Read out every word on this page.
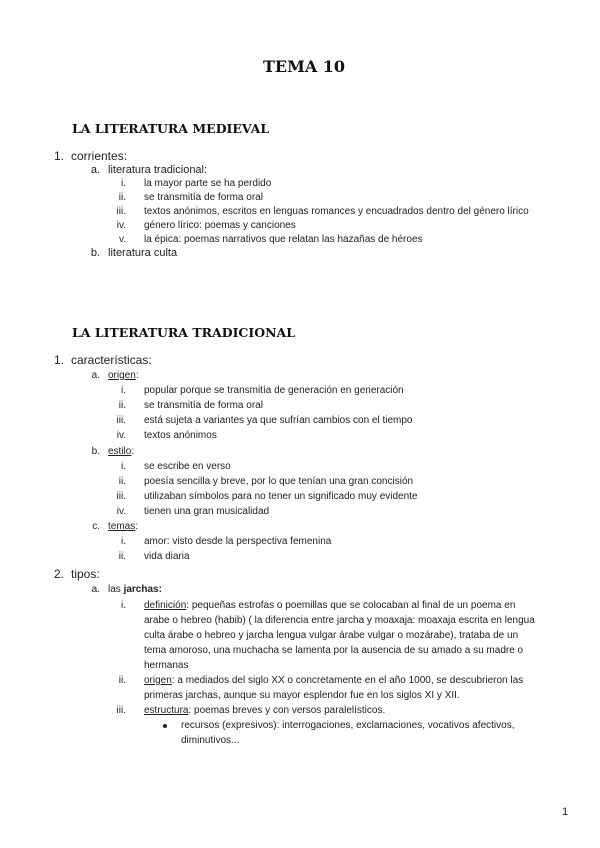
TEMA 10
LA LITERATURA MEDIEVAL
1. corrientes:
a. literatura tradicional:
i. la mayor parte se ha perdido
ii. se transmitía de forma oral
iii. textos anónimos, escritos en lenguas romances y encuadrados dentro del género lírico
iv. género lírico: poemas y canciones
v. la épica: poemas narrativos que relatan las hazañas de héroes
b. literatura culta
LA LITERATURA TRADICIONAL
1. características:
a. origen:
i. popular porque se transmitía de generación en generación
ii. se transmitía de forma oral
iii. está sujeta a variantes ya que sufrían cambios con el tiempo
iv. textos anónimos
b. estilo:
i. se escribe en verso
ii. poesía sencilla y breve, por lo que tenían una gran concisión
iii. utilizaban símbolos para no tener un significado muy evidente
iv. tienen una gran musicalidad
c. temas:
i. amor: visto desde la perspectiva femenina
ii. vida diaria
2. tipos:
a. las jarchas:
i. definición: pequeñas estrofas o poemillas que se colocaban al final de un poema en
arabe o hebreo (habib) ( la diferencia entre jarcha y moaxaja: moaxaja escrita en lengua
culta árabe o hebreo y jarcha lengua vulgar árabe vulgar o mozárabe), trataba de un
tema amoroso, una muchacha se lamenta por la ausencia de su amado a su madre o
hermanas
ii. origen: a mediados del siglo XX o concretamente en el año 1000, se descubrieron las
primeras jarchas, aunque su mayor esplendor fue en los siglos XI y XII.
iii. estructura: poemas breves y con versos paralelísticos.
recursos (expresivos): interrogaciones, exclamaciones, vocativos afectivos,
diminutivos...
1
